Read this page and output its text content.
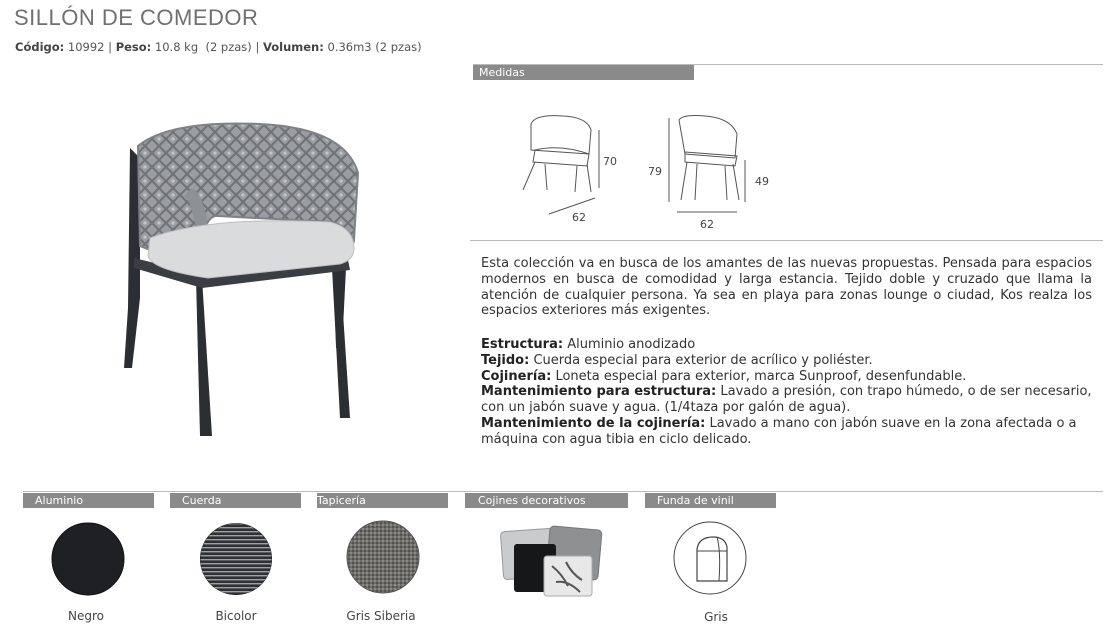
SILLÓN DE COMEDOR
Código: 10992 | Peso: 10.8 kg  (2 pzas) | Volumen: 0.36m3 (2 pzas)
Medidas
70
62
79
49
62
Esta colección va en busca de los amantes de las nuevas propuestas. Pensada para espacios modernos en busca de comodidad y larga estancia. Tejido doble y cruzado que llama la atención de cualquier persona. Ya sea en playa para zonas lounge o ciudad, Kos realza los espacios exteriores más exigentes.
Estructura: Aluminio anodizado
Tejido: Cuerda especial para exterior de acrílico y poliéster.
Cojinería: Loneta especial para exterior, marca Sunproof, desenfundable.
Mantenimiento para estructura: Lavado a presión, con trapo húmedo, o de ser necesario, con un jabón suave y agua. (1/4taza por galón de agua).
Mantenimiento de la cojinería: Lavado a mano con jabón suave en la zona afectada o a máquina con agua tibia en ciclo delicado.
Aluminio	Cuerda	Tapicería	Cojines decorativos	Funda de vinil
Negro	Bicolor	Gris Siberia	Gris
